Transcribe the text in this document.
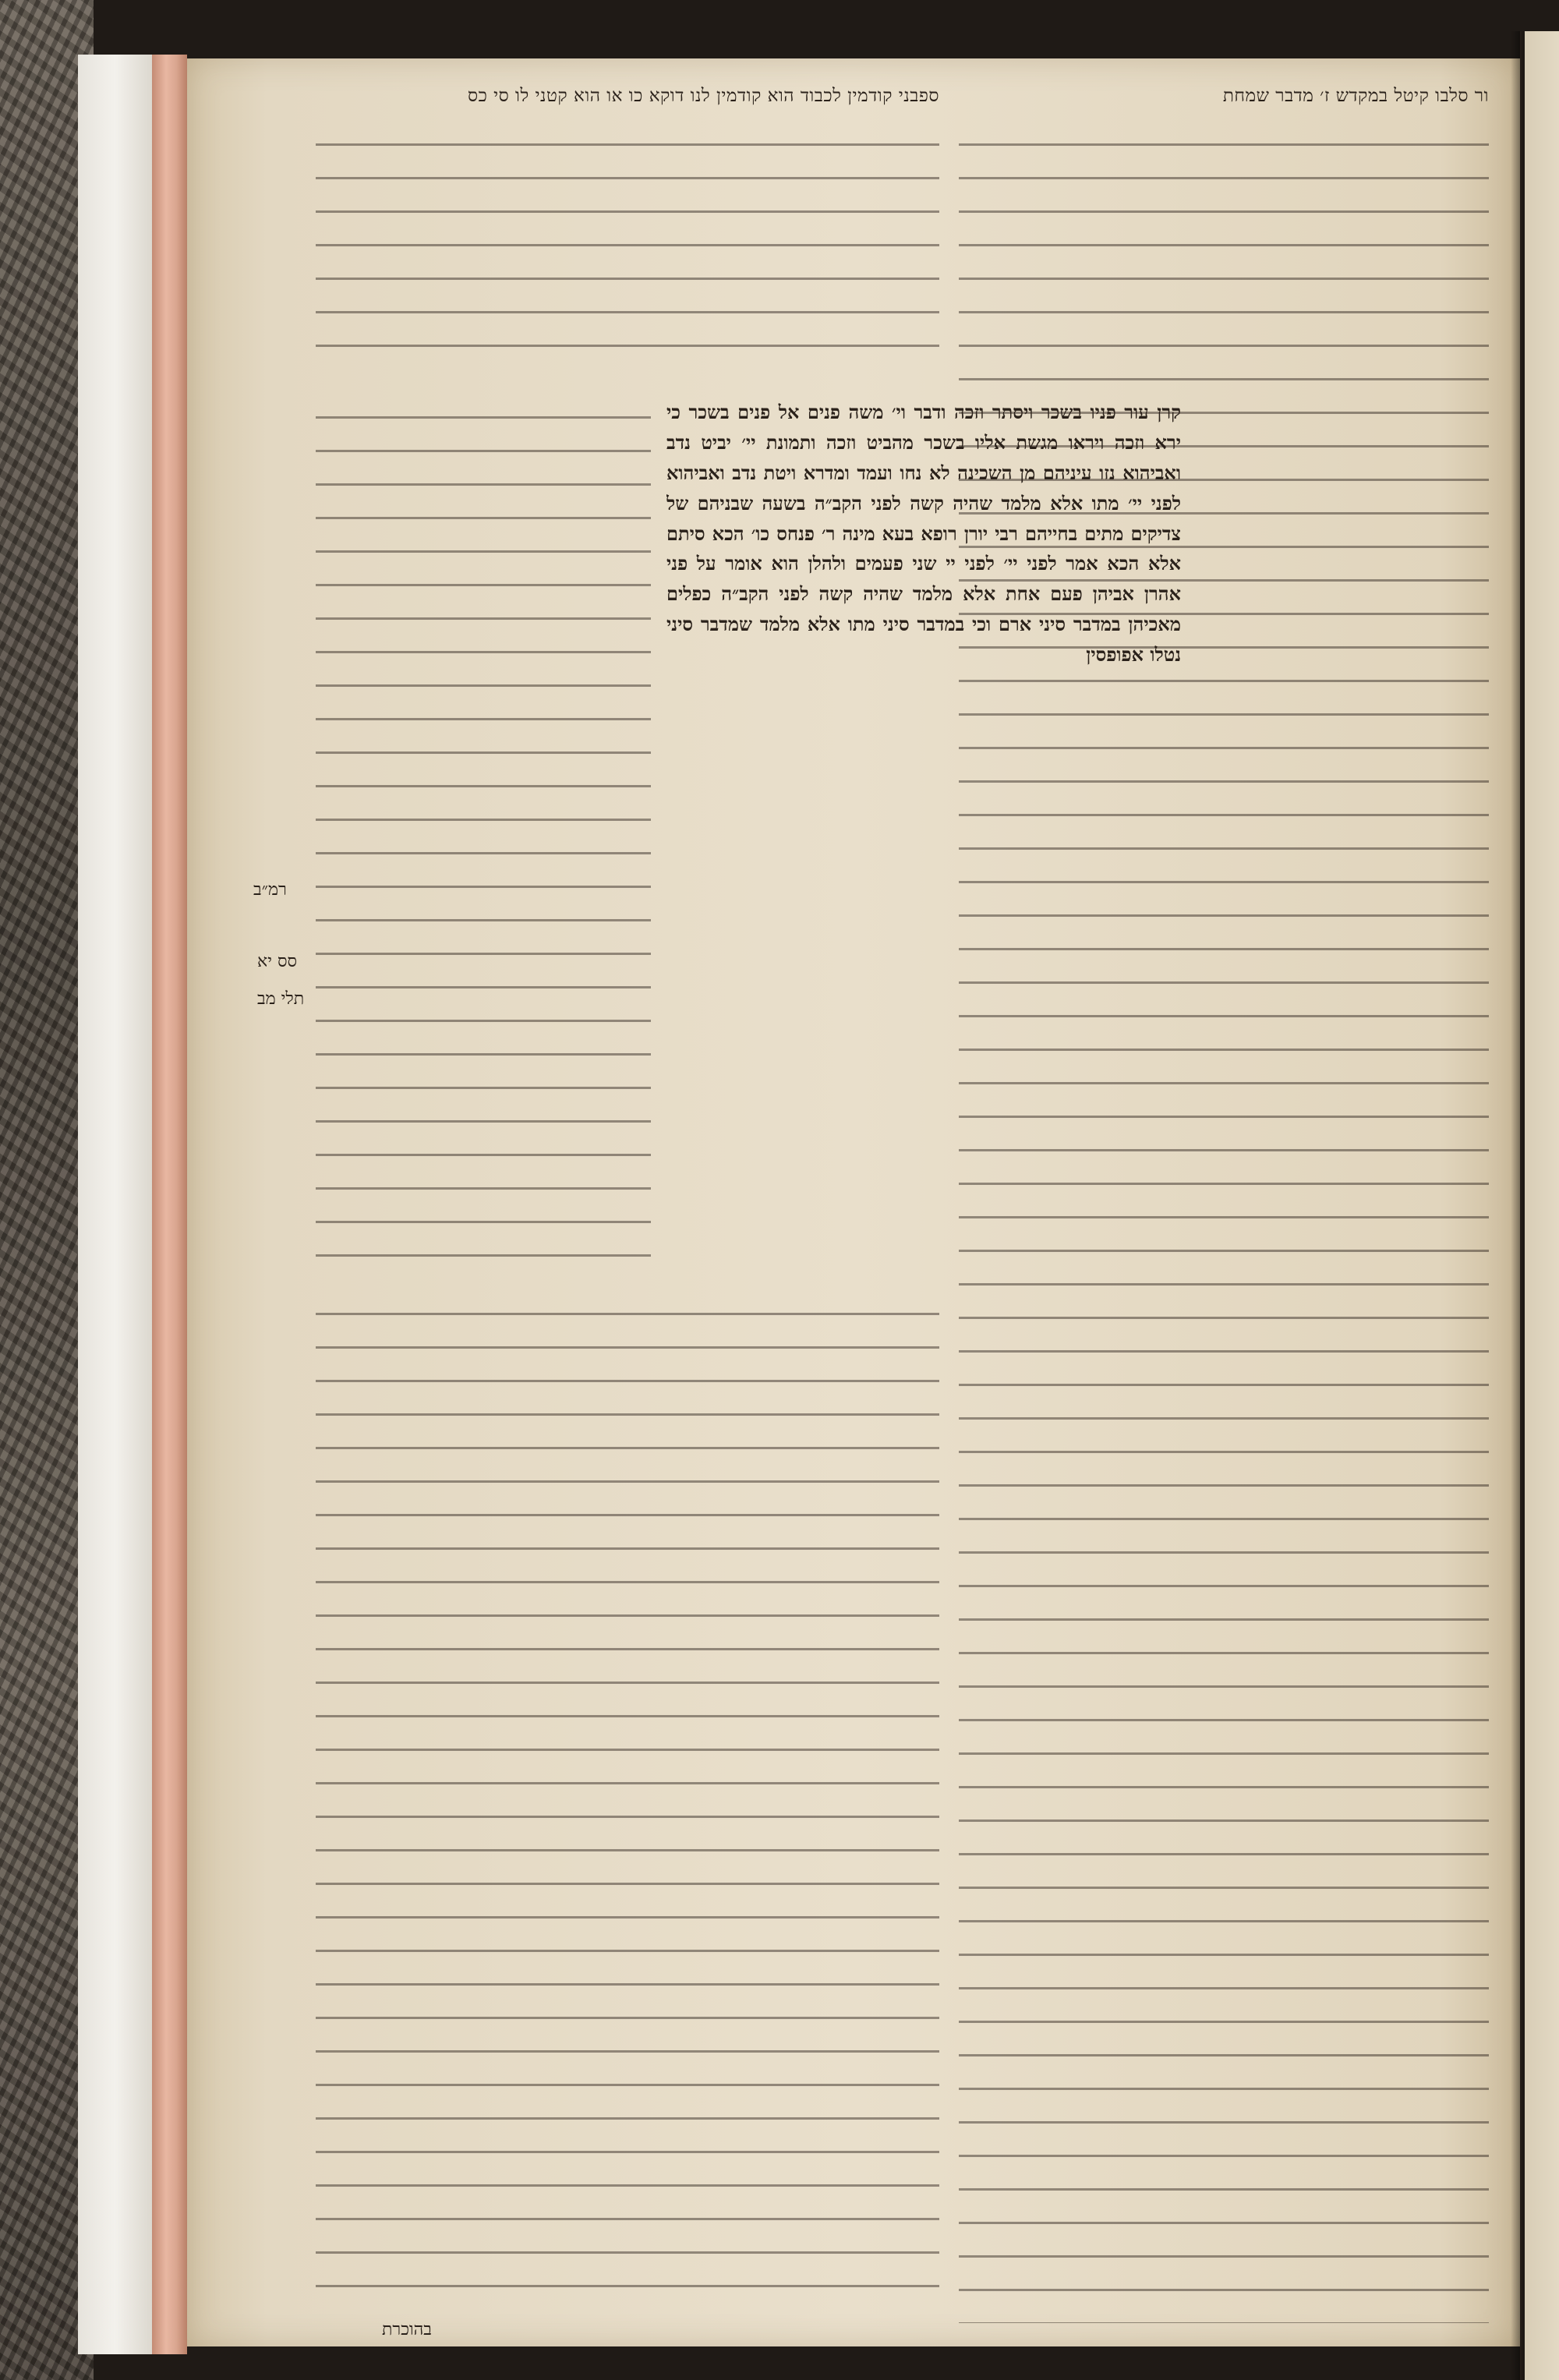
ור סלבו קיטל במקדש ז׳ מדבר שמחת
ספבני קודמין לכבוד הוא קודמין לנו דוקא כו או הוא קטני לו סי כס
קרן עור פניו בשכר ויסתר וזכה ודבר וי׳ משה פנים אל פנים בשכר כי ירא וזכה ויראו מגשת אליו בשכר מהביט וזכה ותמונת יי׳ יביט נדב ואביהוא נזו עיניהם מן השכינה לא נחו ועמד ומדרא ויטת נדב ואביהוא לפני יי׳ מתו אלא מלמד שהיה קשה לפני הקב״ה בשעה שבניהם של צדיקים מתים בחייהם רבי יורן רופא בעא מינה ר׳ פנחס כו׳ הכא סיתם אלא הכא אמר לפני יי׳ לפני יי שני פעמים ולהלן הוא אומר על פני אהרן אביהן פעם אחת אלא מלמד שהיה קשה לפני הקב״ה כפלים מאכיהן במדבר סיני ארם וכי במדבר סיני מתו אלא מלמד שמדבר סיני נטלו אפופסין
רמ״ב
סס יא
תלי מב
בהוכרת
